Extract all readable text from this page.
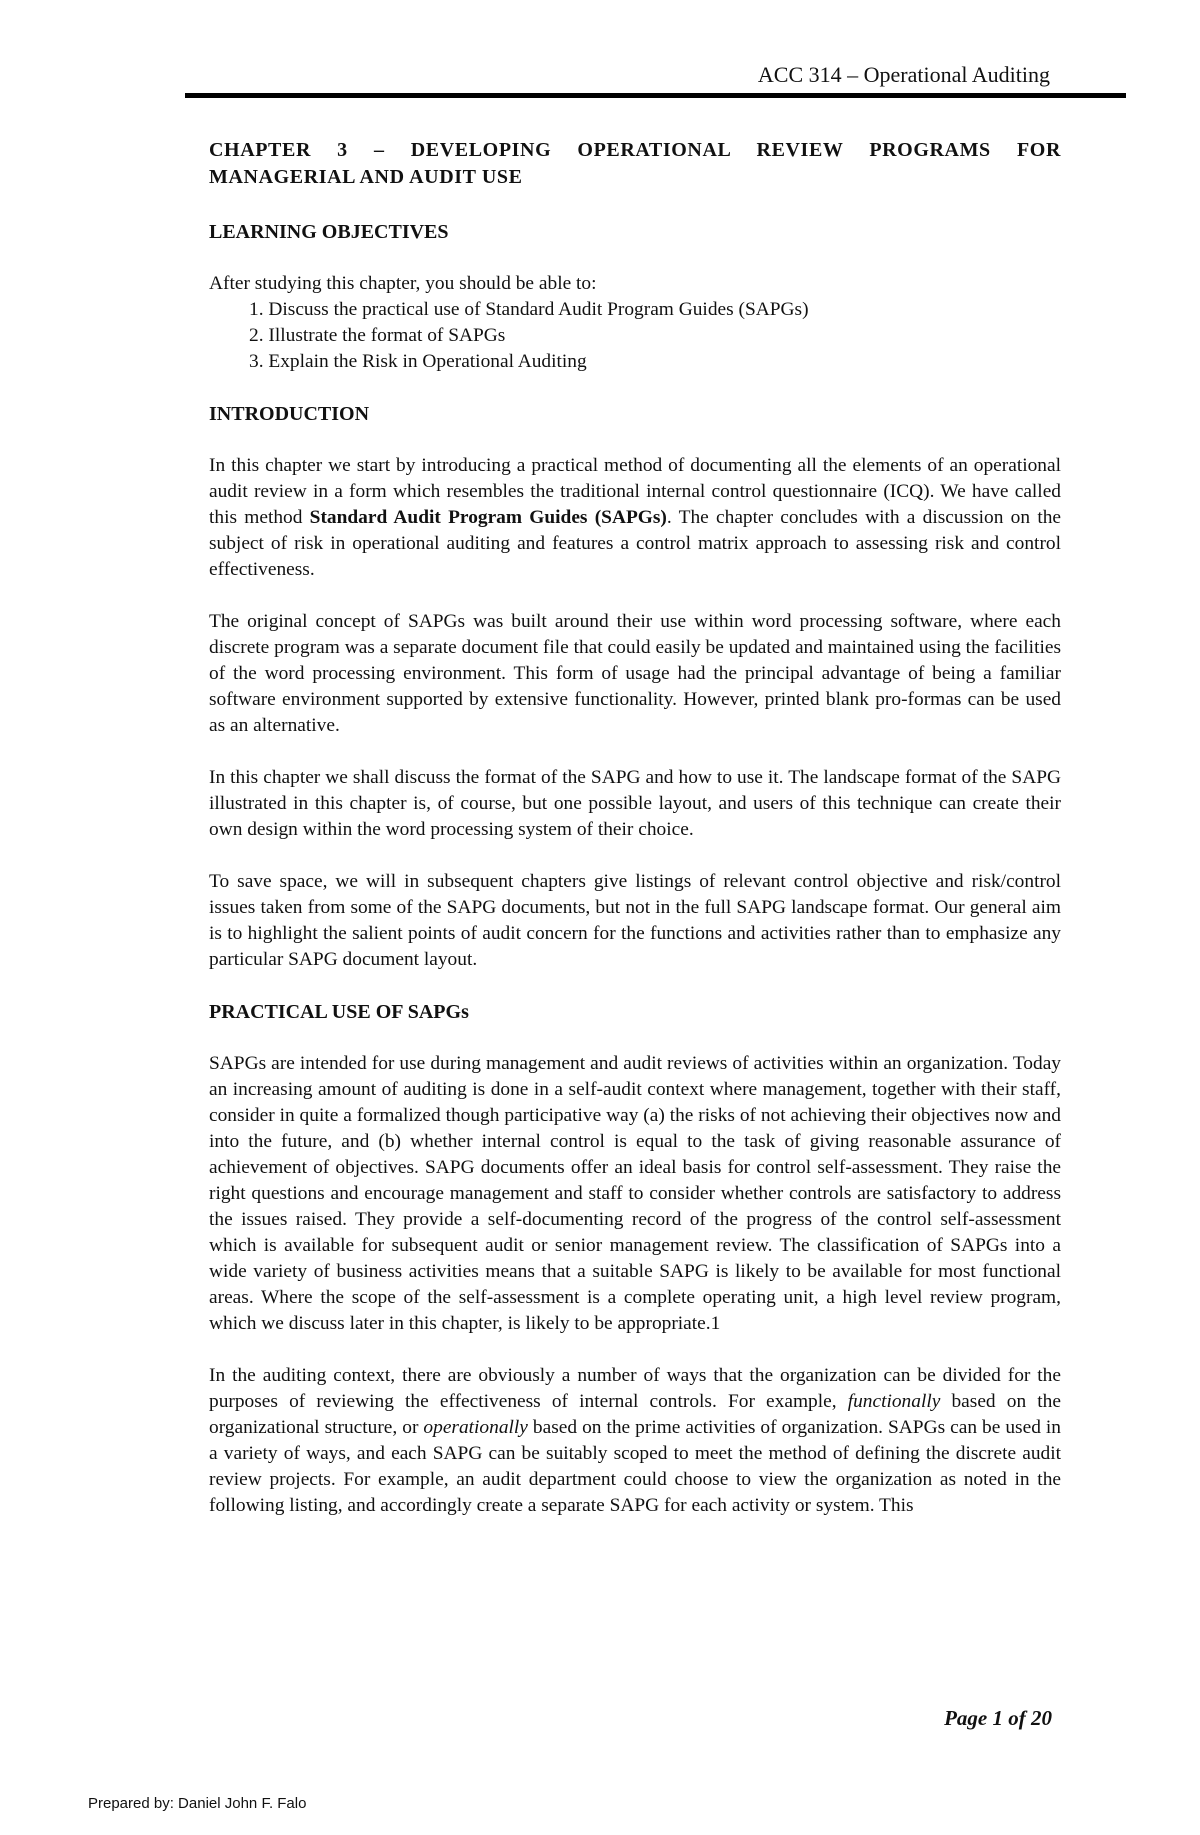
ACC 314 – Operational Auditing
CHAPTER 3 – DEVELOPING OPERATIONAL REVIEW PROGRAMS FOR MANAGERIAL AND AUDIT USE
LEARNING OBJECTIVES

After studying this chapter, you should be able to:

1. Discuss the practical use of Standard Audit Program Guides (SAPGs)
2. Illustrate the format of SAPGs
3. Explain the Risk in Operational Auditing
INTRODUCTION

In this chapter we start by introducing a practical method of documenting all the elements of an operational audit review in a form which resembles the traditional internal control questionnaire (ICQ). We have called this method Standard Audit Program Guides (SAPGs). The chapter concludes with a discussion on the subject of risk in operational auditing and features a control matrix approach to assessing risk and control effectiveness.

The original concept of SAPGs was built around their use within word processing software, where each discrete program was a separate document file that could easily be updated and maintained using the facilities of the word processing environment. This form of usage had the principal advantage of being a familiar software environment supported by extensive functionality. However, printed blank pro-formas can be used as an alternative.

In this chapter we shall discuss the format of the SAPG and how to use it. The landscape format of the SAPG illustrated in this chapter is, of course, but one possible layout, and users of this technique can create their own design within the word processing system of their choice.

To save space, we will in subsequent chapters give listings of relevant control objective and risk/control issues taken from some of the SAPG documents, but not in the full SAPG landscape format. Our general aim is to highlight the salient points of audit concern for the functions and activities rather than to emphasize any particular SAPG document layout.

PRACTICAL USE OF SAPGs

SAPGs are intended for use during management and audit reviews of activities within an organization. Today an increasing amount of auditing is done in a self-audit context where management, together with their staff, consider in quite a formalized though participative way (a) the risks of not achieving their objectives now and into the future, and (b) whether internal control is equal to the task of giving reasonable assurance of achievement of objectives. SAPG documents offer an ideal basis for control self-assessment. They raise the right questions and encourage management and staff to consider whether controls are satisfactory to address the issues raised. They provide a self-documenting record of the progress of the control self-assessment which is available for subsequent audit or senior management review. The classification of SAPGs into a wide variety of business activities means that a suitable SAPG is likely to be available for most functional areas. Where the scope of the self-assessment is a complete operating unit, a high level review program, which we discuss later in this chapter, is likely to be appropriate.1

In the auditing context, there are obviously a number of ways that the organization can be divided for the purposes of reviewing the effectiveness of internal controls. For example, functionally based on the organizational structure, or operationally based on the prime activities of organization. SAPGs can be used in a variety of ways, and each SAPG can be suitably scoped to meet the method of defining the discrete audit review projects. For example, an audit department could choose to view the organization as noted in the following listing, and accordingly create a separate SAPG for each activity or system. This

Page 1 of 20
Prepared by: Daniel John F. Falo
